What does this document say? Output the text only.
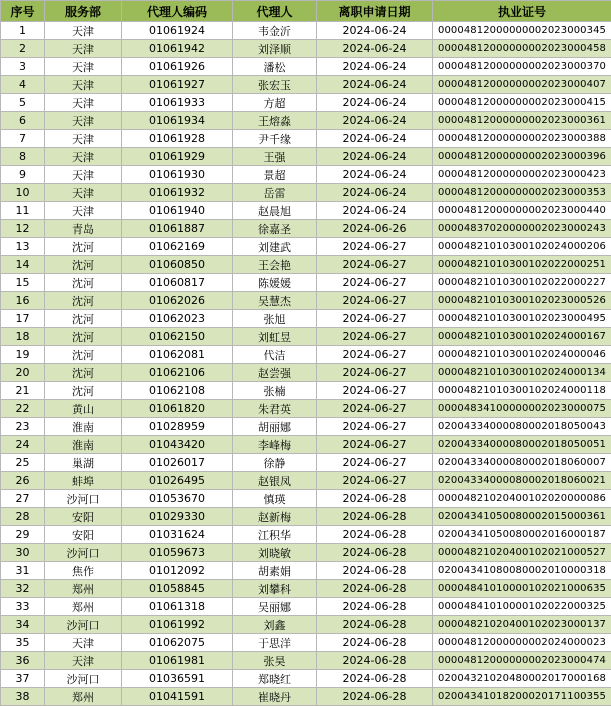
序号	服务部	代理人编码	代理人	离职申请日期	执业证号
1	天津	01061924	韦金沂	2024-06-24	00004812000000002023000345
2	天津	01061942	刘泽顺	2024-06-24	00004812000000002023000458
3	天津	01061926	潘松	2024-06-24	00004812000000002023000370
4	天津	01061927	张宏玉	2024-06-24	00004812000000002023000407
5	天津	01061933	方超	2024-06-24	00004812000000002023000415
6	天津	01061934	王熔淼	2024-06-24	00004812000000002023000361
7	天津	01061928	尹千缘	2024-06-24	00004812000000002023000388
8	天津	01061929	王强	2024-06-24	00004812000000002023000396
9	天津	01061930	景超	2024-06-24	00004812000000002023000423
10	天津	01061932	岳雷	2024-06-24	00004812000000002023000353
11	天津	01061940	赵晨旭	2024-06-24	00004812000000002023000440
12	青岛	01061887	徐嘉圣	2024-06-26	00004837020000002023000243
13	沈河	01062169	刘建武	2024-06-27	00004821010300102024000206
14	沈河	01060850	王会艳	2024-06-27	00004821010300102022000251
15	沈河	01060817	陈媛媛	2024-06-27	00004821010300102022000227
16	沈河	01062026	吴慧杰	2024-06-27	00004821010300102023000526
17	沈河	01062023	张旭	2024-06-27	00004821010300102023000495
18	沈河	01062150	刘虹昱	2024-06-27	00004821010300102024000167
19	沈河	01062081	代洁	2024-06-27	00004821010300102024000046
20	沈河	01062106	赵尝强	2024-06-27	00004821010300102024000134
21	沈河	01062108	张楠	2024-06-27	00004821010300102024000118
22	黄山	01061820	朱君英	2024-06-27	00004834100000002023000075
23	淮南	01028959	胡丽娜	2024-06-27	02004334000080002018050043
24	淮南	01043420	李峰梅	2024-06-27	02004334000080002018050051
25	巢湖	01026017	徐静	2024-06-27	02004334000080002018060007
26	蚌埠	01026495	赵银凤	2024-06-27	02004334000080002018060021
27	沙河口	01053670	慎瑛	2024-06-28	00004821020400102020000086
28	安阳	01029330	赵新梅	2024-06-28	02004341050080002015000361
29	安阳	01031624	江积华	2024-06-28	02004341050080002016000187
30	沙河口	01059673	刘晓敏	2024-06-28	00004821020400102021000527
31	焦作	01012092	胡素娟	2024-06-28	02004341080080002010000318
32	郑州	01058845	刘攀科	2024-06-28	00004841010000102021000635
33	郑州	01061318	吴丽娜	2024-06-28	00004841010000102022000325
34	沙河口	01061992	刘鑫	2024-06-28	00004821020400102023000137
35	天津	01062075	于思洋	2024-06-28	00004812000000002024000023
36	天津	01061981	张昊	2024-06-28	00004812000000002023000474
37	沙河口	01036591	郑晓红	2024-06-28	02004321020480002017000168
38	郑州	01041591	崔晓丹	2024-06-28	02004341018200020171100355
